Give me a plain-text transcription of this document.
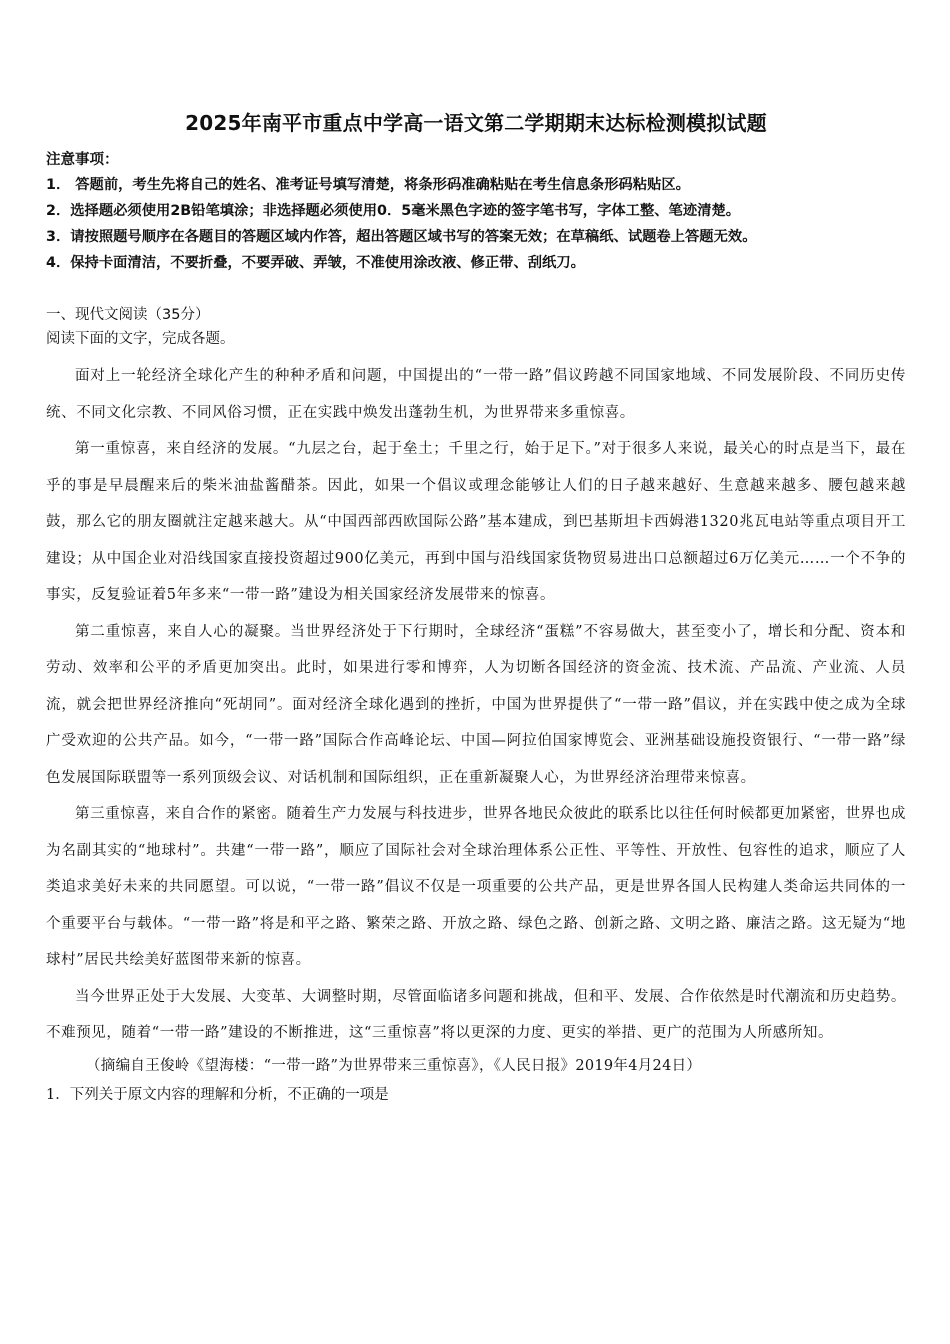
2025年南平市重点中学高一语文第二学期期末达标检测模拟试题
注意事项：
1． 答题前，考生先将自己的姓名、准考证号填写清楚，将条形码准确粘贴在考生信息条形码粘贴区。
2．选择题必须使用2B铅笔填涂；非选择题必须使用0．5毫米黑色字迹的签字笔书写，字体工整、笔迹清楚。
3．请按照题号顺序在各题目的答题区域内作答，超出答题区域书写的答案无效；在草稿纸、试题卷上答题无效。
4．保持卡面清洁，不要折叠，不要弄破、弄皱，不准使用涂改液、修正带、刮纸刀。
一、现代文阅读（35分）
阅读下面的文字，完成各题。

面对上一轮经济全球化产生的种种矛盾和问题，中国提出的“一带一路”倡议跨越不同国家地域、不同发展阶段、不同历史传统、不同文化宗教、不同风俗习惯，正在实践中焕发出蓬勃生机，为世界带来多重惊喜。

第一重惊喜，来自经济的发展。“九层之台，起于垒土；千里之行，始于足下。”对于很多人来说，最关心的时点是当下，最在乎的事是早晨醒来后的柴米油盐酱醋茶。因此，如果一个倡议或理念能够让人们的日子越来越好、生意越来越多、腰包越来越鼓，那么它的朋友圈就注定越来越大。从“中国西部西欧国际公路”基本建成，到巴基斯坦卡西姆港1320兆瓦电站等重点项目开工建设；从中国企业对沿线国家直接投资超过900亿美元，再到中国与沿线国家货物贸易进出口总额超过6万亿美元……一个不争的事实，反复验证着5年多来“一带一路”建设为相关国家经济发展带来的惊喜。

第二重惊喜，来自人心的凝聚。当世界经济处于下行期时，全球经济“蛋糕”不容易做大，甚至变小了，增长和分配、资本和劳动、效率和公平的矛盾更加突出。此时，如果进行零和博弈，人为切断各国经济的资金流、技术流、产品流、产业流、人员流，就会把世界经济推向“死胡同”。面对经济全球化遇到的挫折，中国为世界提供了“一带一路”倡议，并在实践中使之成为全球广受欢迎的公共产品。如今，“一带一路”国际合作高峰论坛、中国—阿拉伯国家博览会、亚洲基础设施投资银行、“一带一路”绿色发展国际联盟等一系列顶级会议、对话机制和国际组织，正在重新凝聚人心，为世界经济治理带来惊喜。

第三重惊喜，来自合作的紧密。随着生产力发展与科技进步，世界各地民众彼此的联系比以往任何时候都更加紧密，世界也成为名副其实的“地球村”。共建“一带一路”，顺应了国际社会对全球治理体系公正性、平等性、开放性、包容性的追求，顺应了人类追求美好未来的共同愿望。可以说，“一带一路”倡议不仅是一项重要的公共产品，更是世界各国人民构建人类命运共同体的一个重要平台与载体。“一带一路”将是和平之路、繁荣之路、开放之路、绿色之路、创新之路、文明之路、廉洁之路。这无疑为“地球村”居民共绘美好蓝图带来新的惊喜。

当今世界正处于大发展、大变革、大调整时期，尽管面临诸多问题和挑战，但和平、发展、合作依然是时代潮流和历史趋势。不难预见，随着“一带一路”建设的不断推进，这“三重惊喜”将以更深的力度、更实的举措、更广的范围为人所感所知。

（摘编自王俊岭《望海楼：“一带一路”为世界带来三重惊喜》，《人民日报》2019年4月24日）
1．下列关于原文内容的理解和分析，不正确的一项是
